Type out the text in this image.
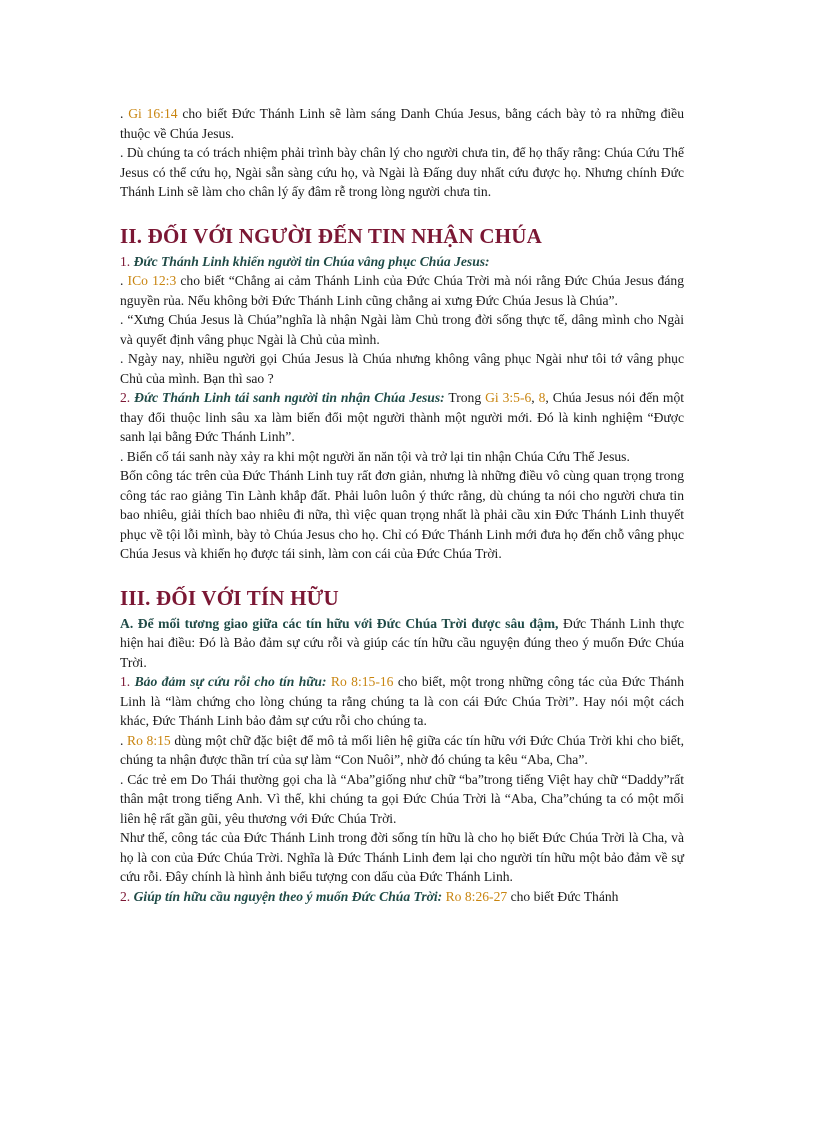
. Gi 16:14 cho biết Đức Thánh Linh sẽ làm sáng Danh Chúa Jesus, bằng cách bày tỏ ra những điều thuộc về Chúa Jesus.

. Dù chúng ta có trách nhiệm phải trình bày chân lý cho người chưa tin, để họ thấy rằng: Chúa Cứu Thế Jesus có thể cứu họ, Ngài sẵn sàng cứu họ, và Ngài là Đấng duy nhất cứu được họ. Nhưng chính Đức Thánh Linh sẽ làm cho chân lý ấy đâm rễ trong lòng người chưa tin.

II. ĐỐI VỚI NGƯỜI ĐẾN TIN NHẬN CHÚA

1. Đức Thánh Linh khiến người tin Chúa vâng phục Chúa Jesus:

. ICo 12:3 cho biết “Chẳng ai cảm Thánh Linh của Đức Chúa Trời mà nói rằng Đức Chúa Jesus đáng nguyền rủa. Nếu không bởi Đức Thánh Linh cũng chẳng ai xưng Đức Chúa Jesus là Chúa”.

. “Xưng Chúa Jesus là Chúa”nghĩa là nhận Ngài làm Chủ trong đời sống thực tế, dâng mình cho Ngài và quyết định vâng phục Ngài là Chủ của mình.

. Ngày nay, nhiều người gọi Chúa Jesus là Chúa nhưng không vâng phục Ngài như tôi tớ vâng phục Chủ của mình. Bạn thì sao ?

2. Đức Thánh Linh tái sanh người tin nhận Chúa Jesus: Trong Gi 3:5-6, 8, Chúa Jesus nói đến một thay đổi thuộc linh sâu xa làm biến đổi một người thành một người mới. Đó là kinh nghiệm “Được sanh lại bằng Đức Thánh Linh”.

. Biến cố tái sanh này xảy ra khi một người ăn năn tội và trở lại tin nhận Chúa Cứu Thế Jesus.

Bốn công tác trên của Đức Thánh Linh tuy rất đơn giản, nhưng là những điều vô cùng quan trọng trong công tác rao giảng Tin Lành khắp đất. Phải luôn luôn ý thức rằng, dù chúng ta nói cho người chưa tin bao nhiêu, giải thích bao nhiêu đi nữa, thì việc quan trọng nhất là phải cầu xin Đức Thánh Linh thuyết phục về tội lỗi mình, bày tỏ Chúa Jesus cho họ. Chỉ có Đức Thánh Linh mới đưa họ đến chỗ vâng phục Chúa Jesus và khiến họ được tái sinh, làm con cái của Đức Chúa Trời.

III. ĐỐI VỚI TÍN HỮU

A. Để mối tương giao giữa các tín hữu với Đức Chúa Trời được sâu đậm, Đức Thánh Linh thực hiện hai điều: Đó là Bảo đảm sự cứu rỗi và giúp các tín hữu cầu nguyện đúng theo ý muốn Đức Chúa Trời.

1. Bảo đảm sự cứu rỗi cho tín hữu: Ro 8:15-16 cho biết, một trong những công tác của Đức Thánh Linh là “làm chứng cho lòng chúng ta rằng chúng ta là con cái Đức Chúa Trời”. Hay nói một cách khác, Đức Thánh Linh bảo đảm sự cứu rỗi cho chúng ta.

. Ro 8:15 dùng một chữ đặc biệt để mô tả mối liên hệ giữa các tín hữu với Đức Chúa Trời khi cho biết, chúng ta nhận được thần trí của sự làm “Con Nuôi”, nhờ đó chúng ta kêu “Aba, Cha”.

. Các trẻ em Do Thái thường gọi cha là “Aba”giống như chữ “ba”trong tiếng Việt hay chữ “Daddy”rất thân mật trong tiếng Anh. Vì thế, khi chúng ta gọi Đức Chúa Trời là “Aba, Cha”chúng ta có một mối liên hệ rất gần gũi, yêu thương với Đức Chúa Trời.

Như thế, công tác của Đức Thánh Linh trong đời sống tín hữu là cho họ biết Đức Chúa Trời là Cha, và họ là con của Đức Chúa Trời. Nghĩa là Đức Thánh Linh đem lại cho người tín hữu một bảo đảm về sự cứu rỗi. Đây chính là hình ảnh biểu tượng con dấu của Đức Thánh Linh.

2. Giúp tín hữu cầu nguyện theo ý muốn Đức Chúa Trời: Ro 8:26-27 cho biết Đức Thánh
